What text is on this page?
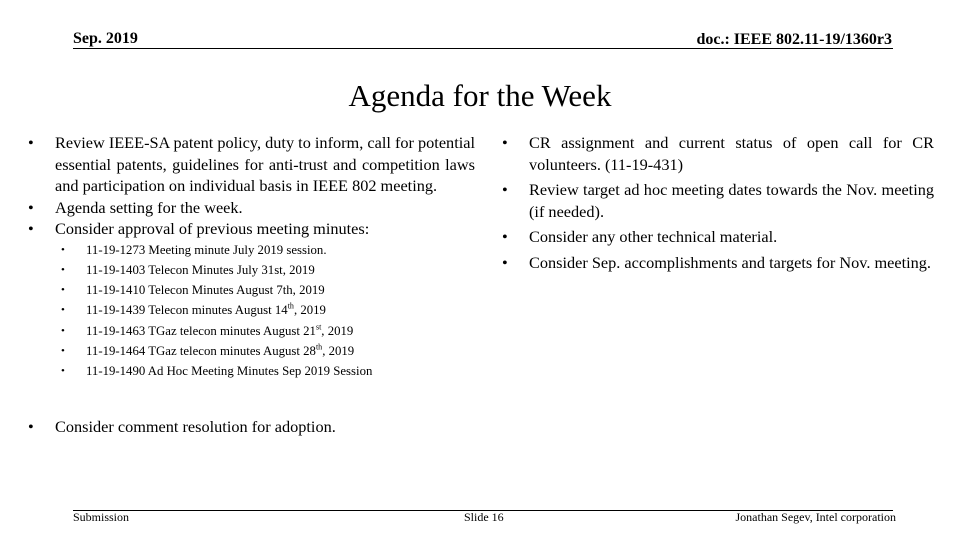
Sep. 2019	doc.: IEEE 802.11-19/1360r3
Agenda for the Week
• Review IEEE-SA patent policy, duty to inform, call for potential essential patents, guidelines for anti-trust and competition laws and participation on individual basis in IEEE 802 meeting.
• Agenda setting for the week.
• Consider approval of previous meeting minutes:
• 11-19-1273 Meeting minute July 2019 session.
• 11-19-1403 Telecon Minutes July 31st, 2019
• 11-19-1410 Telecon Minutes August 7th, 2019
• 11-19-1439 Telecon minutes August 14th, 2019
• 11-19-1463 TGaz telecon minutes August 21st, 2019
• 11-19-1464 TGaz telecon minutes August 28th, 2019
• 11-19-1490 Ad Hoc Meeting Minutes Sep 2019 Session
• Consider comment resolution for adoption.
• CR assignment and current status of open call for CR volunteers. (11-19-431)
• Review target ad hoc meeting dates towards the Nov. meeting (if needed).
• Consider any other technical material.
• Consider Sep. accomplishments and targets for Nov. meeting.
Submission	Slide 16	Jonathan Segev, Intel corporation
